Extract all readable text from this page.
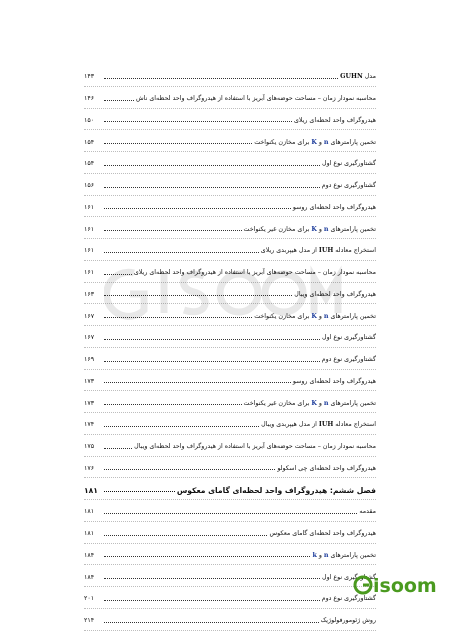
۱۴۳	مدل GUHN
۱۴۶	محاسبه نمودار زمان – مساحت حوضه‌های آبریز با استفاده از هیدروگراف واحد لحظه‌ای ناش
۱۵۰	هیدروگراف واحد لحظه‌ای ریلای
۱۵۴	تخمین پارامترهای n و K برای مخازن یکنواخت
۱۵۴	گشتاورگیری نوع اول
۱۵۶	گشتاورگیری نوع دوم
۱۶۱	هیدروگراف واحد لحظه‌ای روسو
۱۶۱	تخمین پارامترهای n و K برای مخازن غیر یکنواخت
۱۶۱	استخراج معادله IUH از مدل هیپربدی ریلای
۱۶۱	محاسبه نمودار زمان – مساحت حوضه‌های آبریز با استفاده از هیدروگراف واحد لحظه‌ای ریلای
۱۶۳	هیدروگراف واحد لحظه‌ای ویبال
۱۶۷	تخمین پارامترهای n و K برای مخازن یکنواخت
۱۶۷	گشتاورگیری نوع اول
۱۶۹	گشتاورگیری نوع دوم
۱۷۳	هیدروگراف واحد لحظه‌ای روسو
۱۷۳	تخمین پارامترهای n و K برای مخازن غیر یکنواخت
۱۷۴	استخراج معادله IUH از مدل هیپربدی ویبال
۱۷۵	محاسبه نمودار زمان – مساحت حوضه‌های آبریز با استفاده از هیدروگراف واحد لحظه‌ای ویبال
۱۷۶	هیدروگراف واحد لحظه‌ای چی اسکولو
۱۸۱	فصل ششم: هیدروگراف واحد لحظه‌ای گامای معکوس
۱۸۱	مقدمه
۱۸۱	هیدروگراف واحد لحظه‌ای گامای معکوس
۱۸۴	تخمین پارامترهای n و k
۱۸۴	گشتاورگیری نوع اول
۲۰۱	گشتاورگیری نوع دوم
۲۱۴	روش ژئومورفولوژیک
isoom
